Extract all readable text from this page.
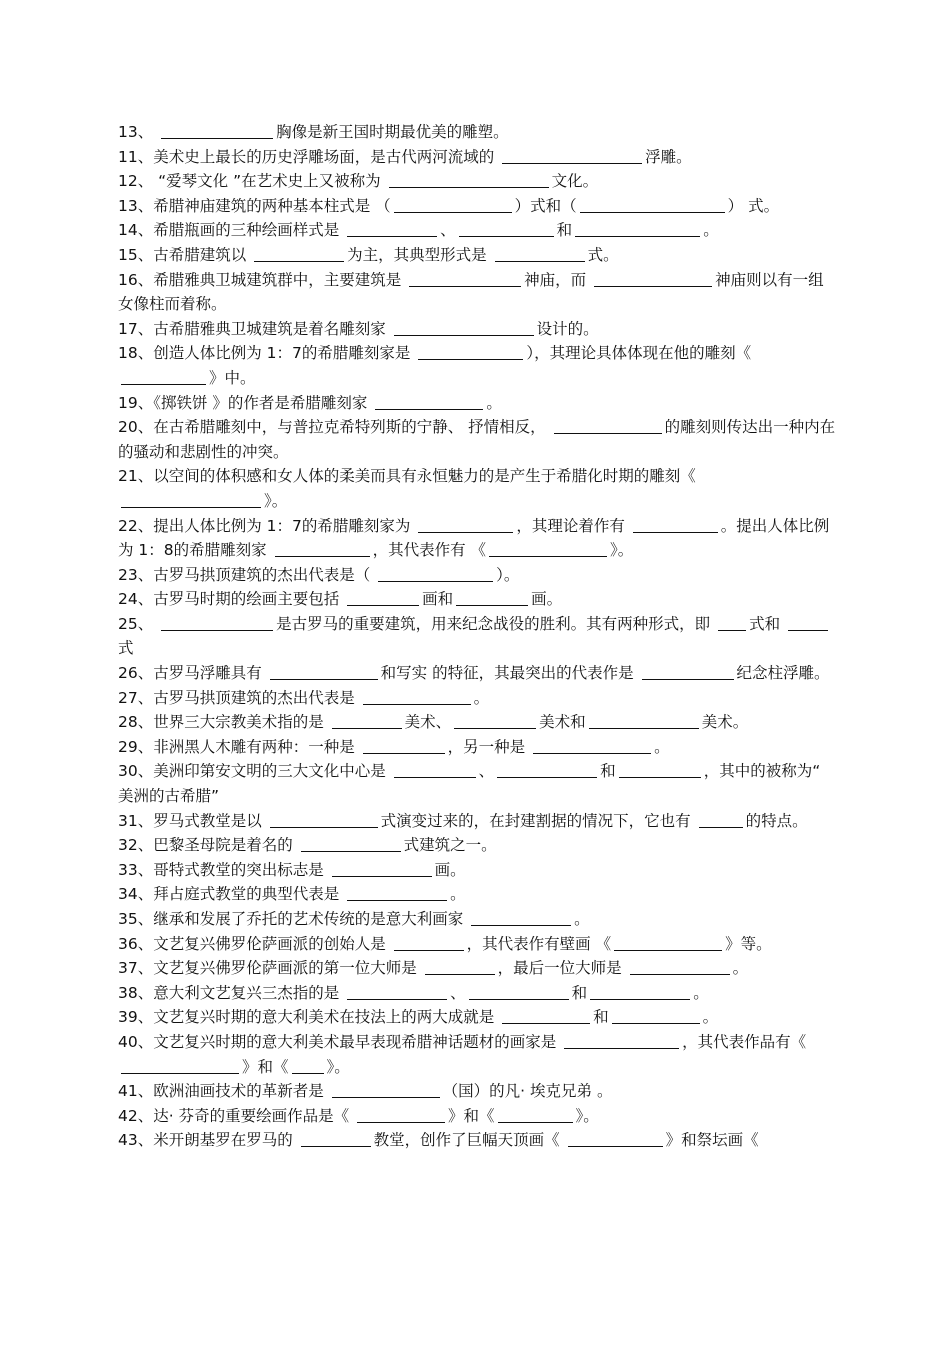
13、	胸像是新王国时期最优美的雕塑。

11、美术史上最长的历史浮雕场面，是古代两河流域的	浮雕。

12、 “爱琴文化 ”在艺术史上又被称为	文化。

13、希腊神庙建筑的两种基本柱式是 （	）式和（	） 式。

14、希腊瓶画的三种绘画样式是	、	和	。

15、古希腊建筑以	为主，其典型形式是	式。

16、希腊雅典卫城建筑群中，主要建筑是	神庙，而	神庙则以有一组女像柱而着称。

17、古希腊雅典卫城建筑是着名雕刻家	设计的。

18、创造人体比例为 1：7的希腊雕刻家是	），其理论具体体现在他的雕刻《 》中。

19、《掷铁饼 》的作者是希腊雕刻家	。

20、在古希腊雕刻中，与普拉克希特列斯的宁静、 抒情相反，	的雕刻则传达出一种内在的骚动和悲剧性的冲突。

21、以空间的体积感和女人体的柔美而具有永恒魅力的是产生于希腊化时期的雕刻《》。

22、提出人体比例为 1：7的希腊雕刻家为	，其理论着作有	。提出人体比例为 1：8的希腊雕刻家	，其代表作有 《	》。

23、古罗马拱顶建筑的杰出代表是（	）。

24、古罗马时期的绘画主要包括	画和	画。

25、	是古罗马的重要建筑，用来纪念战役的胜利。其有两种形式，即 式和 式

26、古罗马浮雕具有	和写实 的特征，其最突出的代表作是	纪念柱浮雕。

27、古罗马拱顶建筑的杰出代表是	。

28、世界三大宗教美术指的是	美术、	美术和	美术。

29、非洲黑人木雕有两种：一种是	，另一种是	。

30、美洲印第安文明的三大文化中心是	、	和	，其中的被称为“ 美洲的古希腊”

31、罗马式教堂是以	式演变过来的，在封建割据的情况下，它也有	的特点。

32、巴黎圣母院是着名的	式建筑之一。

33、哥特式教堂的突出标志是	画。

34、拜占庭式教堂的典型代表是	。

35、继承和发展了乔托的艺术传统的是意大利画家	。

36、文艺复兴佛罗伦萨画派的创始人是	，其代表作有壁画 《	》等。

37、文艺复兴佛罗伦萨画派的第一位大师是	，最后一位大师是	。

38、意大利文艺复兴三杰指的是	、	和	。

39、文艺复兴时期的意大利美术在技法上的两大成就是	和	。

40、文艺复兴时期的意大利美术最早表现希腊神话题材的画家是	，其代表作品有《》和《 》。

41、欧洲油画技术的革新者是	（国）的凡· 埃克兄弟 。

42、达· 芬奇的重要绘画作品是《	》和《	》。

43、米开朗基罗在罗马的	教堂，创作了巨幅天顶画《	》和祭坛画《
